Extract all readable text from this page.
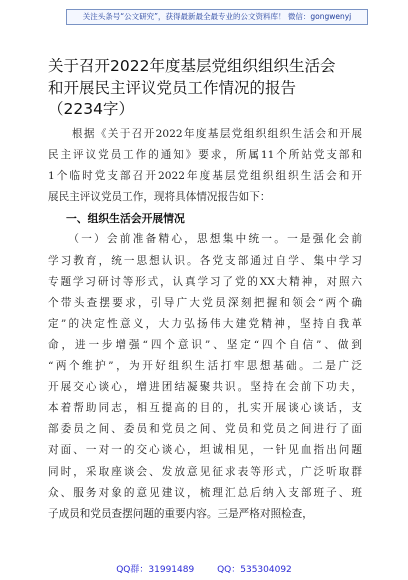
关注头条号“公文研究”，获得最新最全最专业的公文资料库！ 微信：gongwenyj
关于召开2022年度基层党组织组织生活会
和开展民主评议党员工作情况的报告
（2234字）

　　根据《关于召开2022年度基层党组织组织生活会和开展
民主评议党员工作的通知》要求，所属11个所站党支部和
1个临时党支部召开2022年度基层党组织组织生活会和开
展民主评议党员工作，现将具体情况报告如下：

一、组织生活会开展情况

　　（一）会前准备精心，思想集中统一。一是强化会前
学习教育，统一思想认识。各党支部通过自学、集中学习
专题学习研讨等形式，认真学习了党的XX大精神，对照六
个带头查摆要求，引导广大党员深刻把握和领会“两个确
定”的决定性意义，大力弘扬伟大建党精神，坚持自我革
命，进一步增强“四个意识”、坚定“四个自信”、做到
“两个维护”，为开好组织生活打牢思想基础。二是广泛
开展交心谈心，增进团结凝聚共识。坚持在会前下功夫，
本着帮助同志，相互提高的目的，扎实开展谈心谈话，支
部委员之间、委员和党员之间、党员和党员之间进行了面
对面、一对一的交心谈心，坦诚相见，一针见血指出问题
同时，采取座谈会、发放意见征求表等形式，广泛听取群
众、服务对象的意见建议，梳理汇总后纳入支部班子、班
子成员和党员查摆问题的重要内容。三是严格对照检查，

QQ群：31991489	QQ：535304092
